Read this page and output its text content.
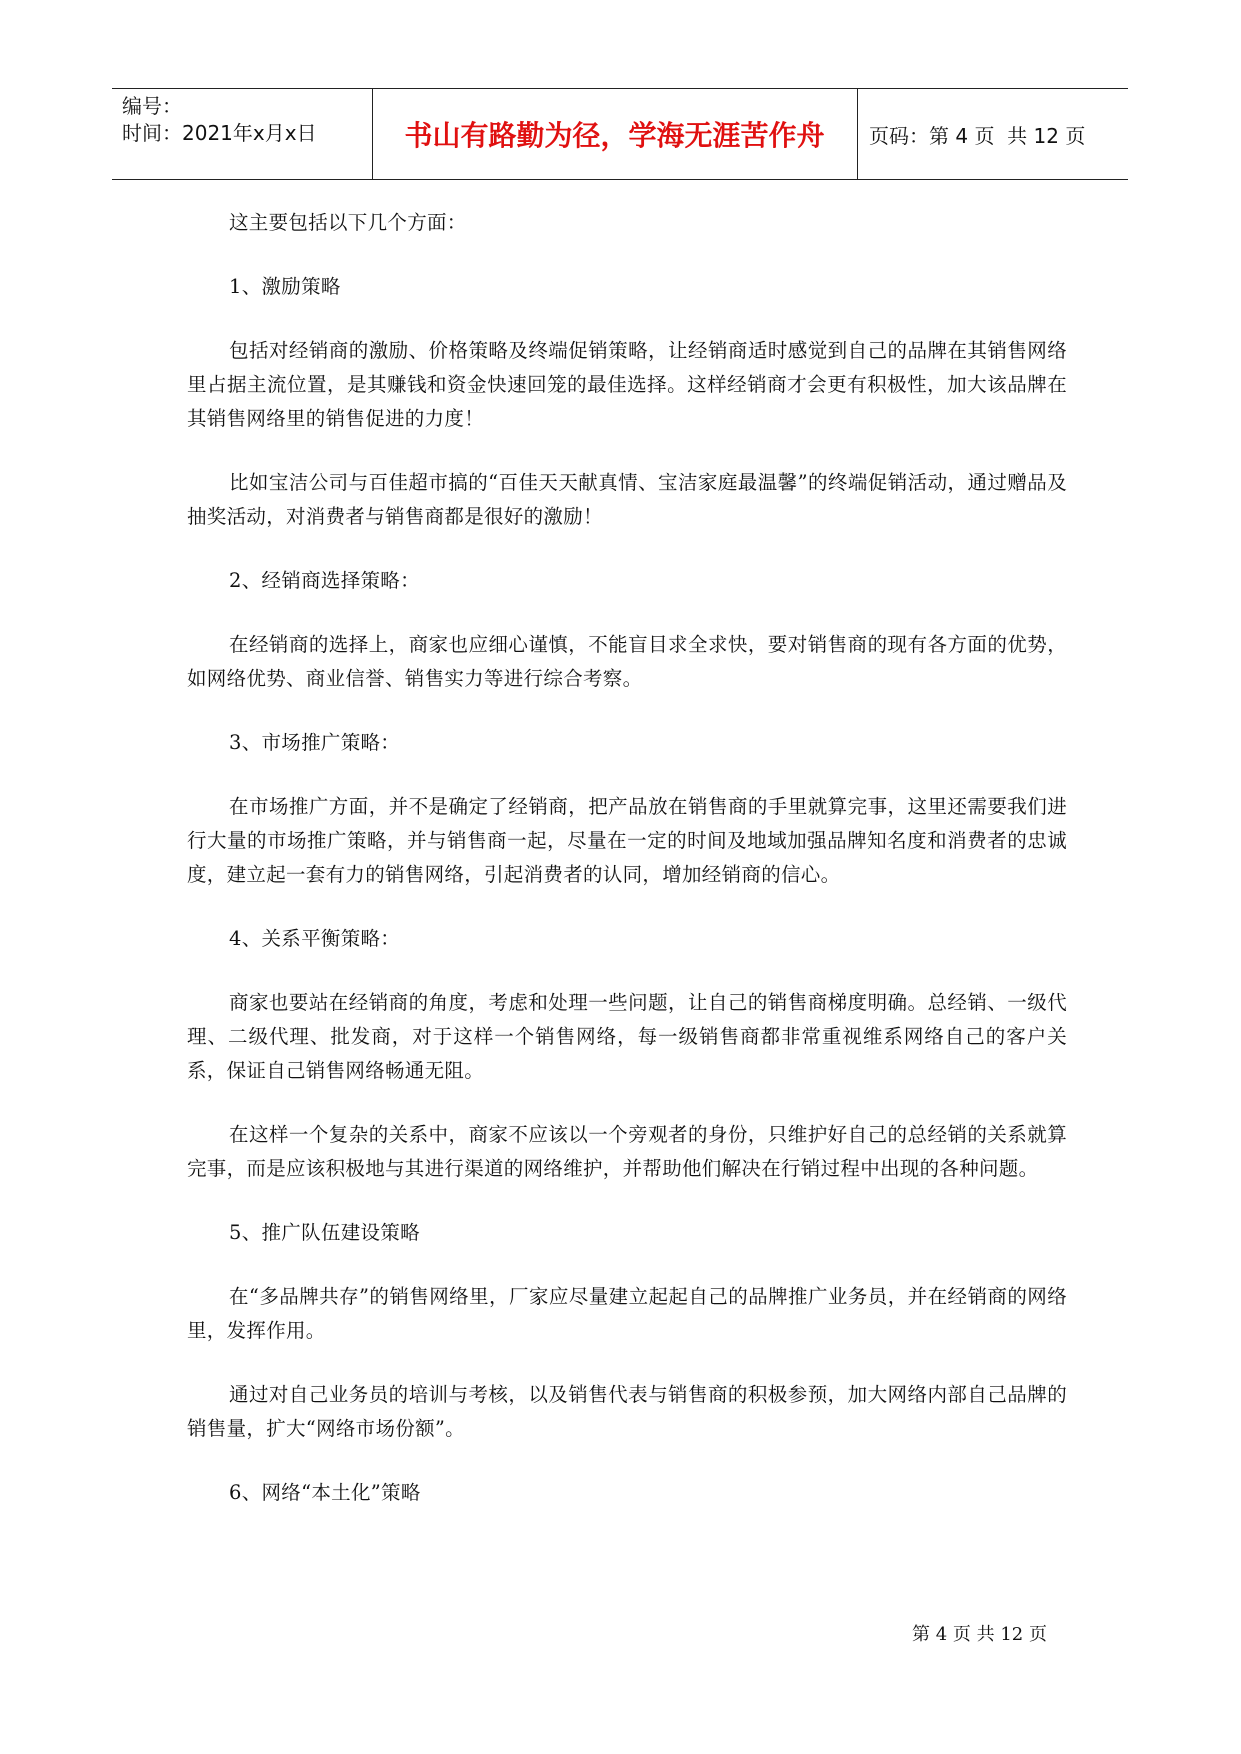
编号：
时间：2021年x月x日	书山有路勤为径，学海无涯苦作舟	页码：第 4 页  共 12 页

这主要包括以下几个方面：

1、激励策略

包括对经销商的激励、价格策略及终端促销策略，让经销商适时感觉到自己的品牌在其销售网络里占据主流位置，是其赚钱和资金快速回笼的最佳选择。这样经销商才会更有积极性，加大该品牌在其销售网络里的销售促进的力度！

比如宝洁公司与百佳超市搞的“百佳天天献真情、宝洁家庭最温馨”的终端促销活动，通过赠品及抽奖活动，对消费者与销售商都是很好的激励！

2、经销商选择策略：

在经销商的选择上，商家也应细心谨慎，不能盲目求全求快，要对销售商的现有各方面的优势，如网络优势、商业信誉、销售实力等进行综合考察。

3、市场推广策略：

在市场推广方面，并不是确定了经销商，把产品放在销售商的手里就算完事，这里还需要我们进行大量的市场推广策略，并与销售商一起，尽量在一定的时间及地域加强品牌知名度和消费者的忠诚度，建立起一套有力的销售网络，引起消费者的认同，增加经销商的信心。

4、关系平衡策略：

商家也要站在经销商的角度，考虑和处理一些问题，让自己的销售商梯度明确。总经销、一级代理、二级代理、批发商，对于这样一个销售网络，每一级销售商都非常重视维系网络自己的客户关系，保证自己销售网络畅通无阻。

在这样一个复杂的关系中，商家不应该以一个旁观者的身份，只维护好自己的总经销的关系就算完事，而是应该积极地与其进行渠道的网络维护，并帮助他们解决在行销过程中出现的各种问题。

5、推广队伍建设策略

在“多品牌共存”的销售网络里，厂家应尽量建立起起自己的品牌推广业务员，并在经销商的网络里，发挥作用。

通过对自己业务员的培训与考核，以及销售代表与销售商的积极参预，加大网络内部自己品牌的销售量，扩大“网络市场份额”。

6、网络“本土化”策略

第 4 页 共 12 页
